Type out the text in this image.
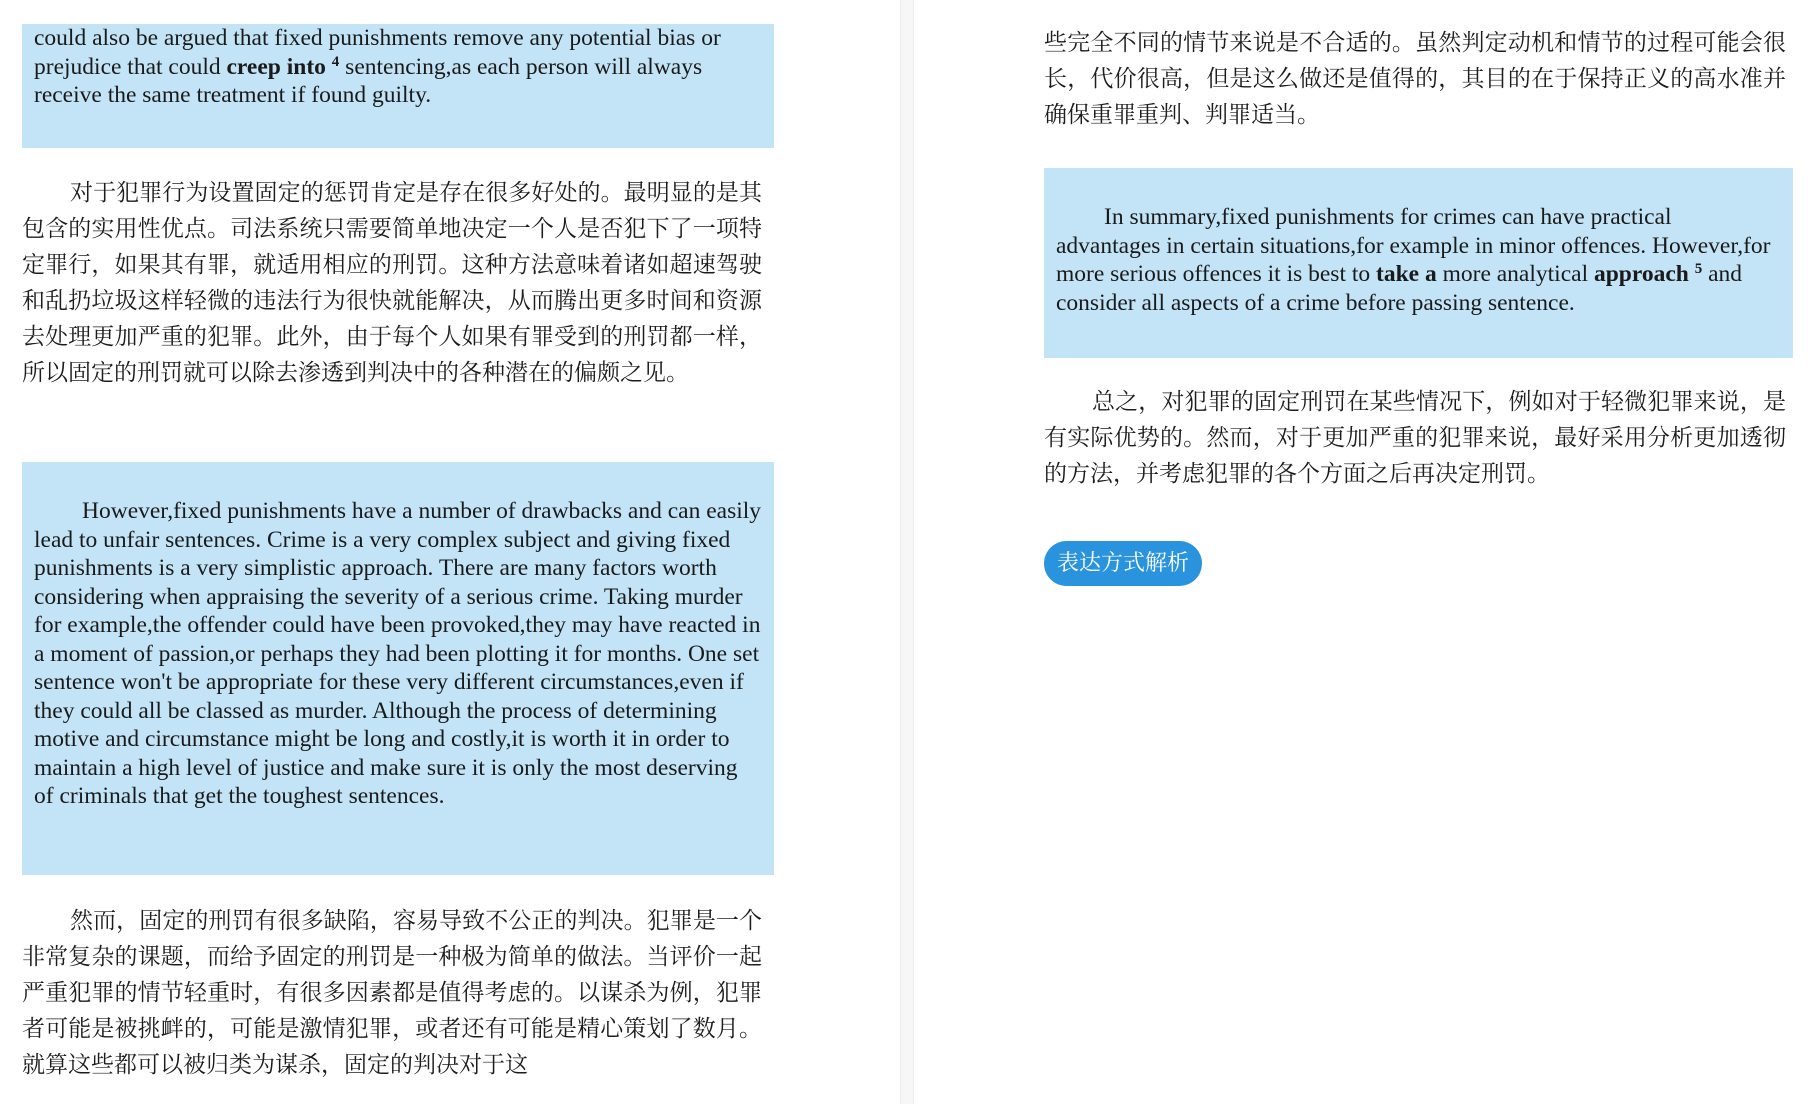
could also be argued that fixed punishments remove any potential bias or prejudice that could creep into $^4$ sentencing,as each person will always receive the same treatment if found guilty.

对于犯罪行为设置固定的惩罚肯定是存在很多好处的。最明显的是其包含的实用性优点。司法系统只需要简单地决定一个人是否犯下了一项特定罪行，如果其有罪，就适用相应的刑罚。这种方法意味着诸如超速驾驶和乱扔垃圾这样轻微的违法行为很快就能解决，从而腾出更多时间和资源去处理更加严重的犯罪。此外，由于每个人如果有罪受到的刑罚都一样，所以固定的刑罚就可以除去渗透到判决中的各种潜在的偏颇之见。

However,fixed punishments have a number of drawbacks and can easily lead to unfair sentences. Crime is a very complex subject and giving fixed punishments is a very simplistic approach. There are many factors worth considering when appraising the severity of a serious crime. Taking murder for example,the offender could have been provoked,they may have reacted in a moment of passion,or perhaps they had been plotting it for months. One set sentence won't be appropriate for these very different circumstances,even if they could all be classed as murder. Although the process of determining motive and circumstance might be long and costly,it is worth it in order to maintain a high level of justice and make sure it is only the most deserving of criminals that get the toughest sentences.

然而，固定的刑罚有很多缺陷，容易导致不公正的判决。犯罪是一个非常复杂的课题，而给予固定的刑罚是一种极为简单的做法。当评价一起严重犯罪的情节轻重时，有很多因素都是值得考虑的。以谋杀为例，犯罪者可能是被挑衅的，可能是激情犯罪，或者还有可能是精心策划了数月。就算这些都可以被归类为谋杀，固定的判决对于这

些完全不同的情节来说是不合适的。虽然判定动机和情节的过程可能会很长，代价很高，但是这么做还是值得的，其目的在于保持正义的高水准并确保重罪重判、判罪适当。

In summary,fixed punishments for crimes can have practical advantages in certain situations,for example in minor offences. However,for more serious offences it is best to take a more analytical approach $^5$ and consider all aspects of a crime before passing sentence.

总之，对犯罪的固定刑罚在某些情况下，例如对于轻微犯罪来说，是有实际优势的。然而，对于更加严重的犯罪来说，最好采用分析更加透彻的方法，并考虑犯罪的各个方面之后再决定刑罚。

表达方式解析
